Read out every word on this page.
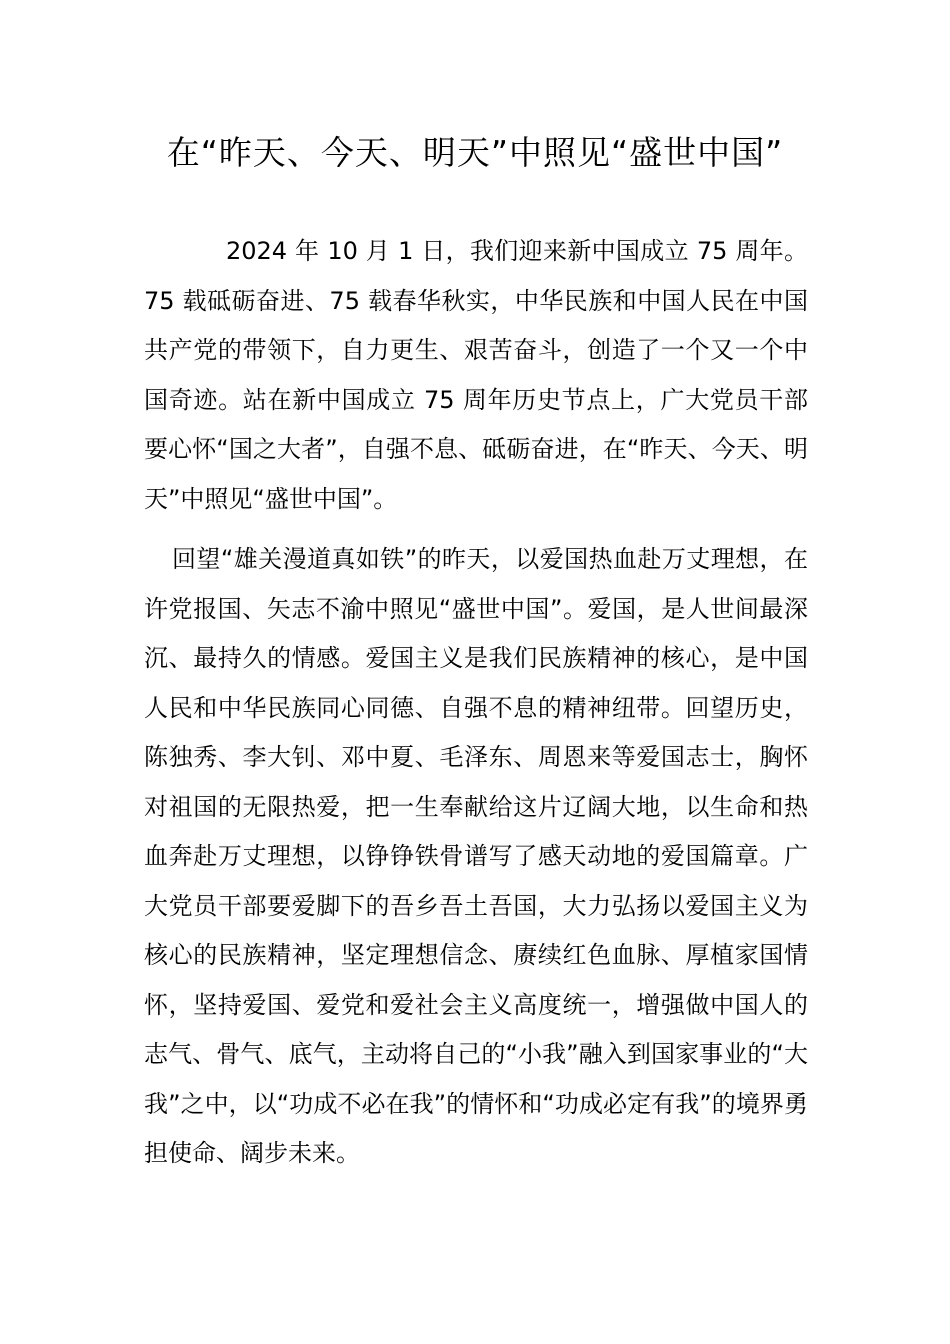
在“昨天、今天、明天”中照见“盛世中国”

2024 年 10 月 1 日，我们迎来新中国成立 75 周年。75 载砥砺奋进、75 载春华秋实，中华民族和中国人民在中国共产党的带领下，自力更生、艰苦奋斗，创造了一个又一个中国奇迹。站在新中国成立 75 周年历史节点上，广大党员干部要心怀“国之大者”，自强不息、砥砺奋进，在“昨天、今天、明天”中照见“盛世中国”。

回望“雄关漫道真如铁”的昨天，以爱国热血赴万丈理想，在许党报国、矢志不渝中照见“盛世中国”。爱国，是人世间最深沉、最持久的情感。爱国主义是我们民族精神的核心，是中国人民和中华民族同心同德、自强不息的精神纽带。回望历史，陈独秀、李大钊、邓中夏、毛泽东、周恩来等爱国志士，胸怀对祖国的无限热爱，把一生奉献给这片辽阔大地，以生命和热血奔赴万丈理想，以铮铮铁骨谱写了感天动地的爱国篇章。广大党员干部要爱脚下的吾乡吾土吾国，大力弘扬以爱国主义为核心的民族精神，坚定理想信念、赓续红色血脉、厚植家国情怀，坚持爱国、爱党和爱社会主义高度统一，增强做中国人的志气、骨气、底气，主动将自己的“小我”融入到国家事业的“大我”之中，以“功成不必在我”的情怀和“功成必定有我”的境界勇担使命、阔步未来。
